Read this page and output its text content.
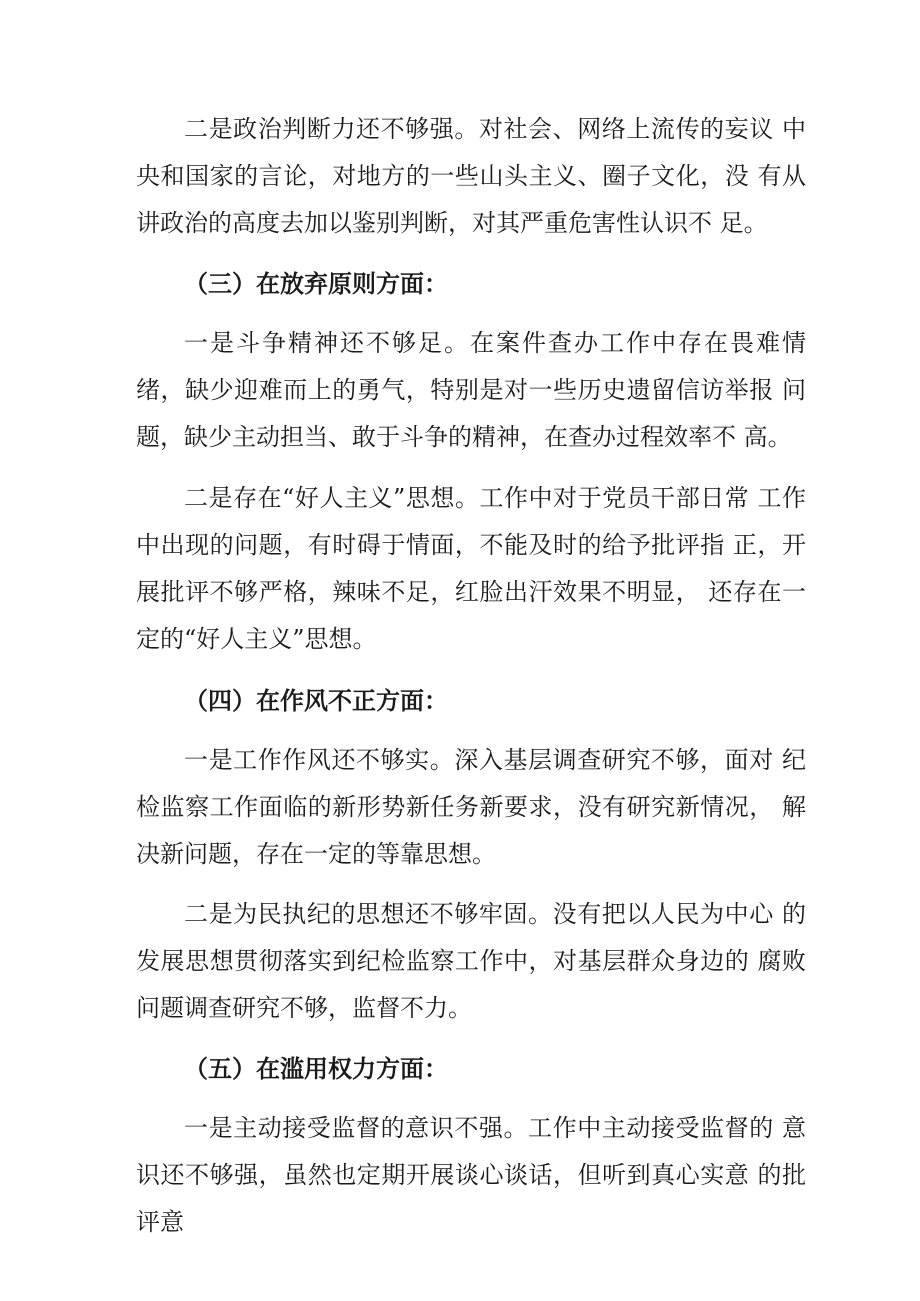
二是政治判断力还不够强。对社会、网络上流传的妄议 中央和国家的言论，对地方的一些山头主义、圈子文化，没 有从讲政治的高度去加以鉴别判断，对其严重危害性认识不 足。

（三）在放弃原则方面：

一是斗争精神还不够足。在案件查办工作中存在畏难情 绪，缺少迎难而上的勇气，特别是对一些历史遗留信访举报 问题，缺少主动担当、敢于斗争的精神，在查办过程效率不 高。

二是存在“好人主义”思想。工作中对于党员干部日常 工作中出现的问题，有时碍于情面，不能及时的给予批评指 正，开展批评不够严格，辣味不足，红脸出汗效果不明显， 还存在一定的“好人主义”思想。

（四）在作风不正方面：

一是工作作风还不够实。深入基层调查研究不够，面对 纪检监察工作面临的新形势新任务新要求，没有研究新情况， 解决新问题，存在一定的等靠思想。

二是为民执纪的思想还不够牢固。没有把以人民为中心 的发展思想贯彻落实到纪检监察工作中，对基层群众身边的 腐败问题调查研究不够，监督不力。

（五）在滥用权力方面：

一是主动接受监督的意识不强。工作中主动接受监督的 意识还不够强，虽然也定期开展谈心谈话，但听到真心实意 的批评意
